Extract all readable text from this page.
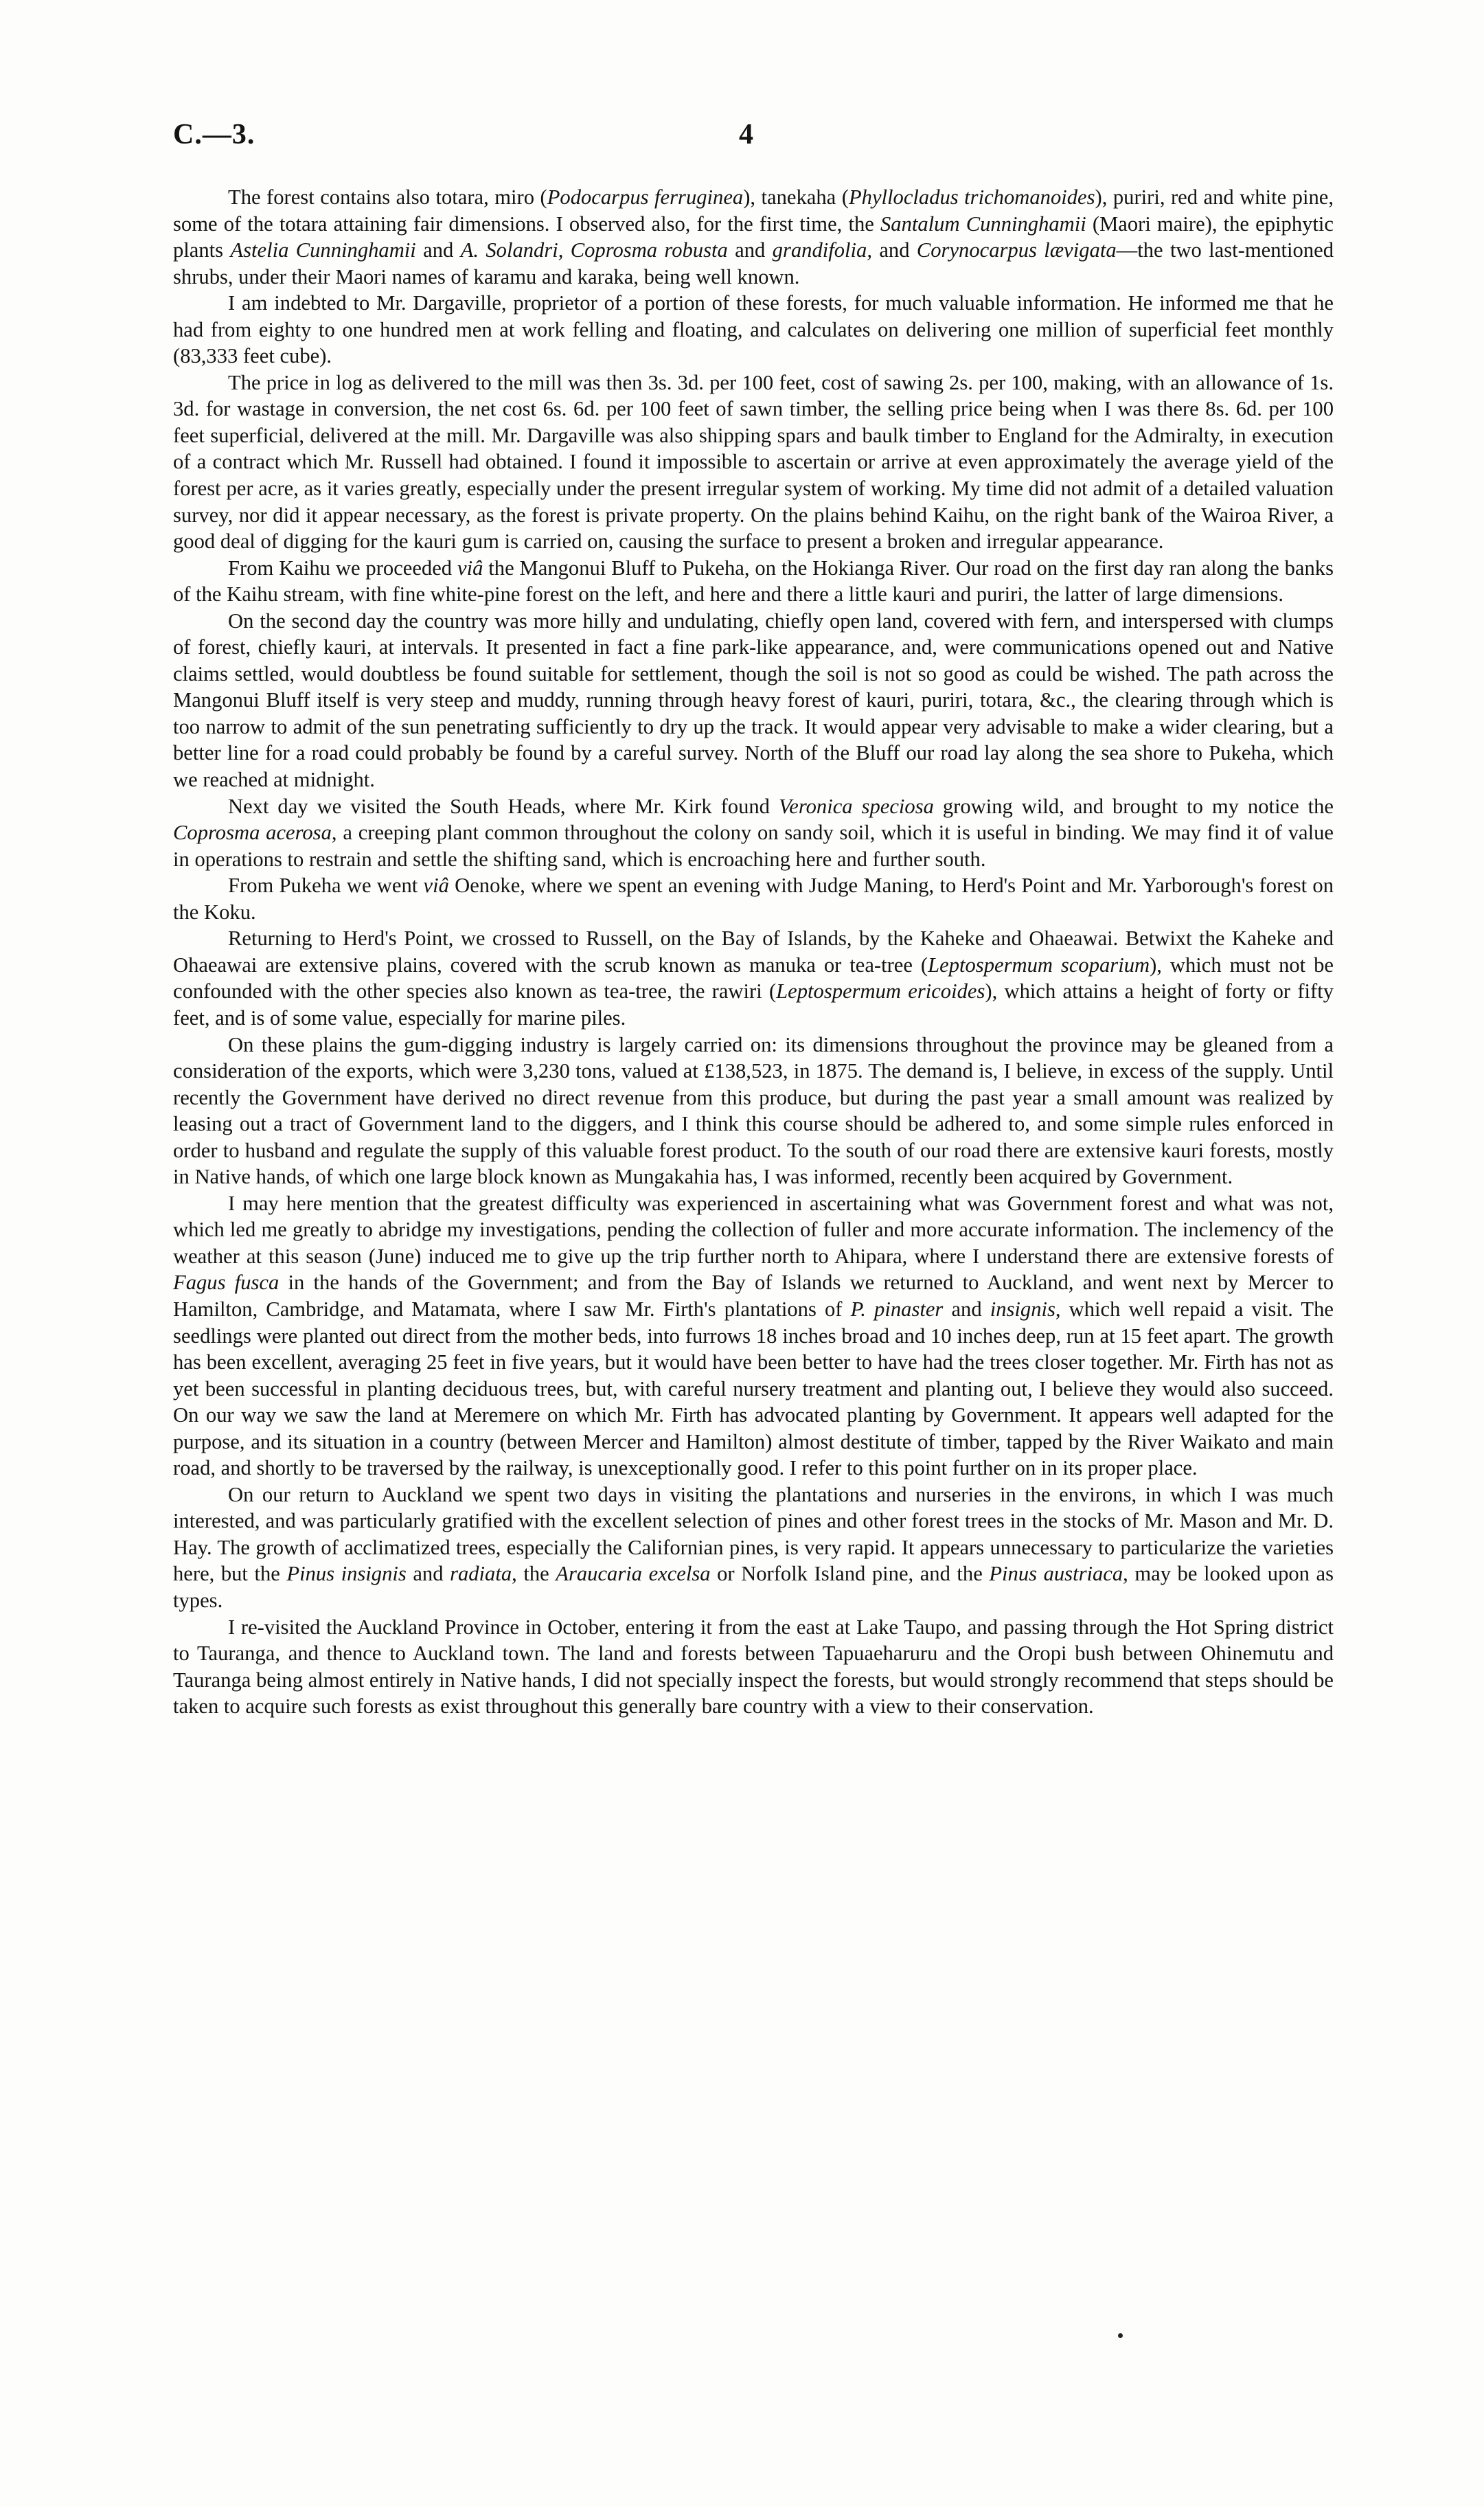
C.—3.	4

The forest contains also totara, miro (Podocarpus ferruginea), tanekaha (Phyllocladus trichomanoides), puriri, red and white pine, some of the totara attaining fair dimensions. I observed also, for the first time, the Santalum Cunninghamii (Maori maire), the epiphytic plants Astelia Cunninghamii and A. Solandri, Coprosma robusta and grandifolia, and Corynocarpus lævigata—the two last-mentioned shrubs, under their Maori names of karamu and karaka, being well known.

I am indebted to Mr. Dargaville, proprietor of a portion of these forests, for much valuable information. He informed me that he had from eighty to one hundred men at work felling and floating, and calculates on delivering one million of superficial feet monthly (83,333 feet cube).

The price in log as delivered to the mill was then 3s. 3d. per 100 feet, cost of sawing 2s. per 100, making, with an allowance of 1s. 3d. for wastage in conversion, the net cost 6s. 6d. per 100 feet of sawn timber, the selling price being when I was there 8s. 6d. per 100 feet superficial, delivered at the mill. Mr. Dargaville was also shipping spars and baulk timber to England for the Admiralty, in execution of a contract which Mr. Russell had obtained. I found it impossible to ascertain or arrive at even approximately the average yield of the forest per acre, as it varies greatly, especially under the present irregular system of working. My time did not admit of a detailed valuation survey, nor did it appear necessary, as the forest is private property. On the plains behind Kaihu, on the right bank of the Wairoa River, a good deal of digging for the kauri gum is carried on, causing the surface to present a broken and irregular appearance.

From Kaihu we proceeded viâ the Mangonui Bluff to Pukeha, on the Hokianga River. Our road on the first day ran along the banks of the Kaihu stream, with fine white-pine forest on the left, and here and there a little kauri and puriri, the latter of large dimensions.

On the second day the country was more hilly and undulating, chiefly open land, covered with fern, and interspersed with clumps of forest, chiefly kauri, at intervals. It presented in fact a fine park-like appearance, and, were communications opened out and Native claims settled, would doubtless be found suitable for settlement, though the soil is not so good as could be wished. The path across the Mangonui Bluff itself is very steep and muddy, running through heavy forest of kauri, puriri, totara, &c., the clearing through which is too narrow to admit of the sun penetrating sufficiently to dry up the track. It would appear very advisable to make a wider clearing, but a better line for a road could probably be found by a careful survey. North of the Bluff our road lay along the sea shore to Pukeha, which we reached at midnight.

Next day we visited the South Heads, where Mr. Kirk found Veronica speciosa growing wild, and brought to my notice the Coprosma acerosa, a creeping plant common throughout the colony on sandy soil, which it is useful in binding. We may find it of value in operations to restrain and settle the shifting sand, which is encroaching here and further south.

From Pukeha we went viâ Oenoke, where we spent an evening with Judge Maning, to Herd's Point and Mr. Yarborough's forest on the Koku.

Returning to Herd's Point, we crossed to Russell, on the Bay of Islands, by the Kaheke and Ohaeawai. Betwixt the Kaheke and Ohaeawai are extensive plains, covered with the scrub known as manuka or tea-tree (Leptospermum scoparium), which must not be confounded with the other species also known as tea-tree, the rawiri (Leptospermum ericoides), which attains a height of forty or fifty feet, and is of some value, especially for marine piles.

On these plains the gum-digging industry is largely carried on: its dimensions throughout the province may be gleaned from a consideration of the exports, which were 3,230 tons, valued at £138,523, in 1875. The demand is, I believe, in excess of the supply. Until recently the Government have derived no direct revenue from this produce, but during the past year a small amount was realized by leasing out a tract of Government land to the diggers, and I think this course should be adhered to, and some simple rules enforced in order to husband and regulate the supply of this valuable forest product. To the south of our road there are extensive kauri forests, mostly in Native hands, of which one large block known as Mungakahia has, I was informed, recently been acquired by Government.

I may here mention that the greatest difficulty was experienced in ascertaining what was Government forest and what was not, which led me greatly to abridge my investigations, pending the collection of fuller and more accurate information. The inclemency of the weather at this season (June) induced me to give up the trip further north to Ahipara, where I understand there are extensive forests of Fagus fusca in the hands of the Government; and from the Bay of Islands we returned to Auckland, and went next by Mercer to Hamilton, Cambridge, and Matamata, where I saw Mr. Firth's plantations of P. pinaster and insignis, which well repaid a visit. The seedlings were planted out direct from the mother beds, into furrows 18 inches broad and 10 inches deep, run at 15 feet apart. The growth has been excellent, averaging 25 feet in five years, but it would have been better to have had the trees closer together. Mr. Firth has not as yet been successful in planting deciduous trees, but, with careful nursery treatment and planting out, I believe they would also succeed. On our way we saw the land at Meremere on which Mr. Firth has advocated planting by Government. It appears well adapted for the purpose, and its situation in a country (between Mercer and Hamilton) almost destitute of timber, tapped by the River Waikato and main road, and shortly to be traversed by the railway, is unexceptionally good. I refer to this point further on in its proper place.

On our return to Auckland we spent two days in visiting the plantations and nurseries in the environs, in which I was much interested, and was particularly gratified with the excellent selection of pines and other forest trees in the stocks of Mr. Mason and Mr. D. Hay. The growth of acclimatized trees, especially the Californian pines, is very rapid. It appears unnecessary to particularize the varieties here, but the Pinus insignis and radiata, the Araucaria excelsa or Norfolk Island pine, and the Pinus austriaca, may be looked upon as types.

I re-visited the Auckland Province in October, entering it from the east at Lake Taupo, and passing through the Hot Spring district to Tauranga, and thence to Auckland town. The land and forests between Tapuaeharuru and the Oropi bush between Ohinemutu and Tauranga being almost entirely in Native hands, I did not specially inspect the forests, but would strongly recommend that steps should be taken to acquire such forests as exist throughout this generally bare country with a view to their conservation.
